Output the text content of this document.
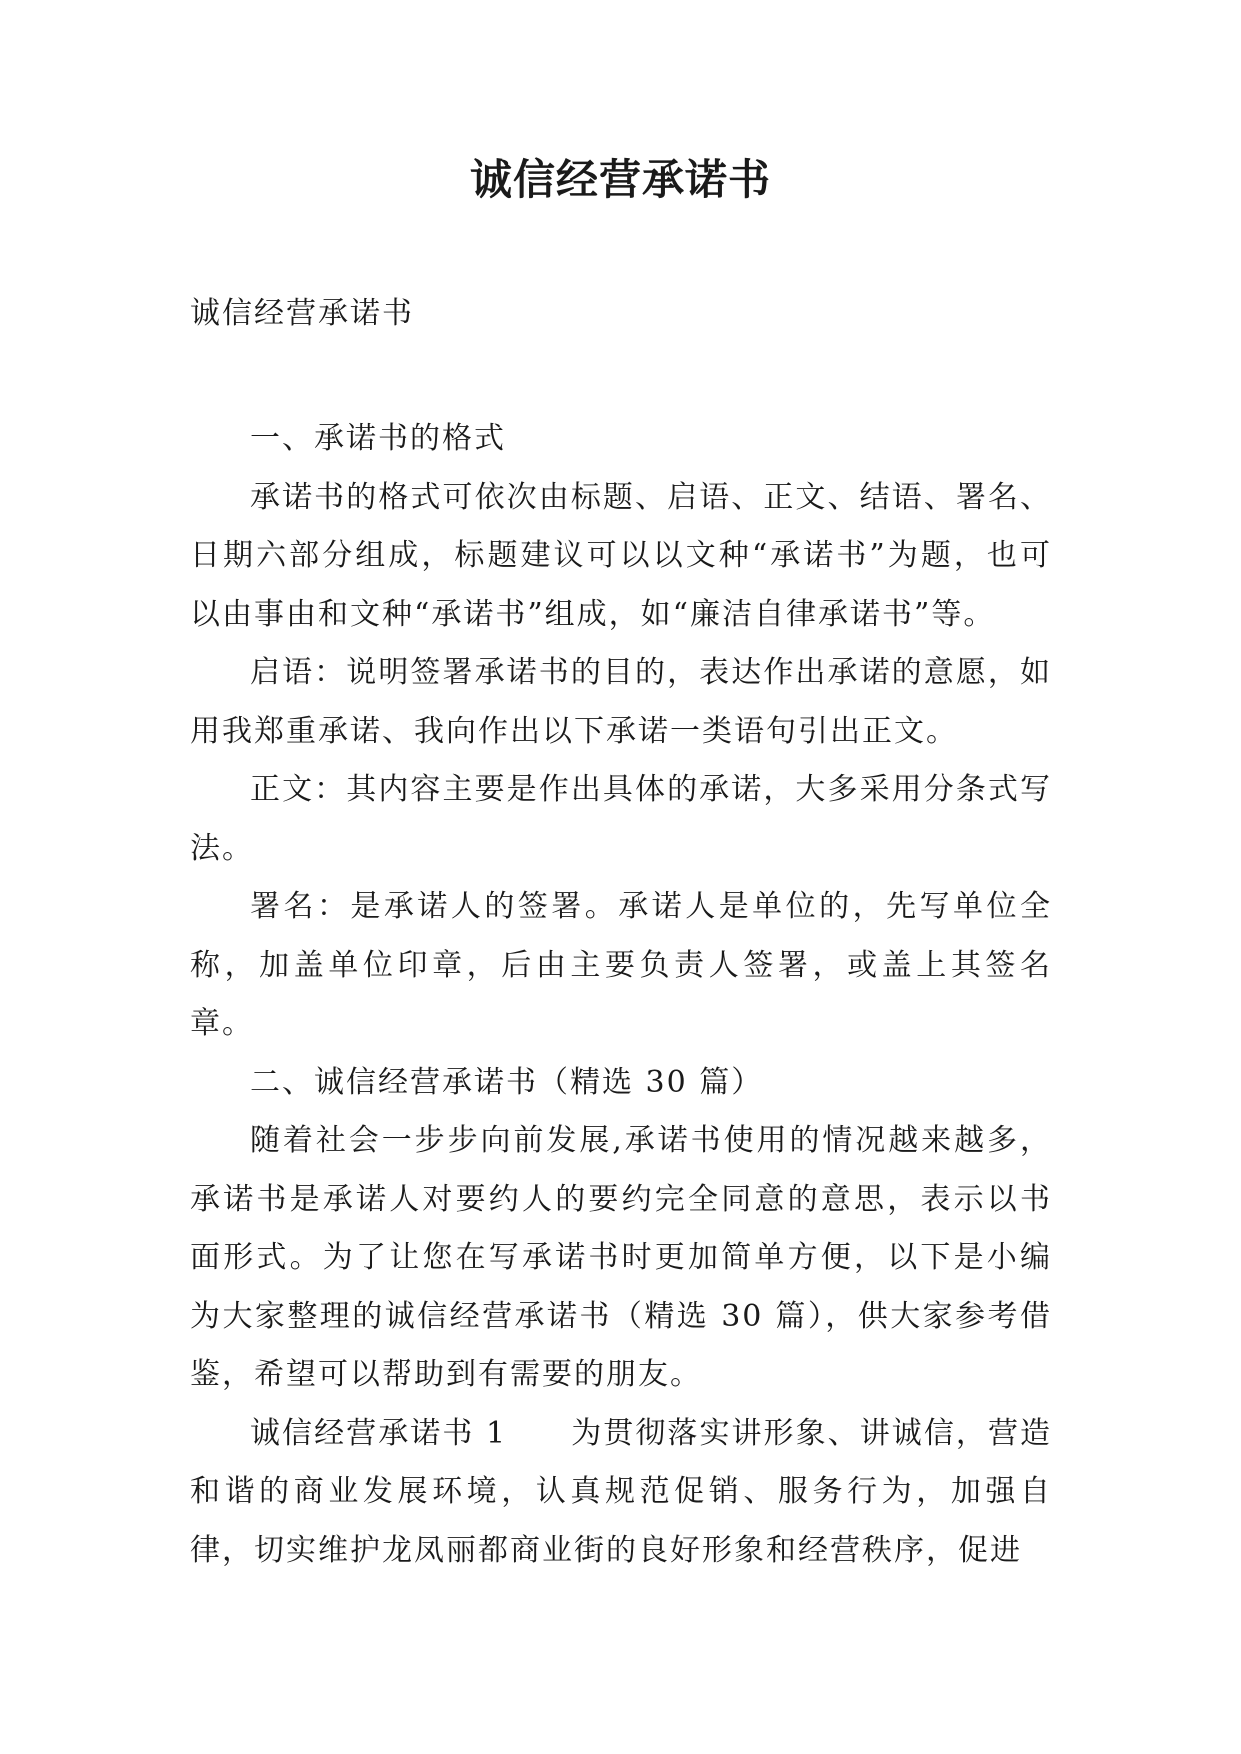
诚信经营承诺书
诚信经营承诺书

一、承诺书的格式

承诺书的格式可依次由标题、启语、正文、结语、署名、日期六部分组成，标题建议可以以文种“承诺书”为题，也可以由事由和文种“承诺书”组成，如“廉洁自律承诺书”等。

启语：说明签署承诺书的目的，表达作出承诺的意愿，如用我郑重承诺、我向作出以下承诺一类语句引出正文。

正文：其内容主要是作出具体的承诺，大多采用分条式写法。

署名：是承诺人的签署。承诺人是单位的，先写单位全称，加盖单位印章，后由主要负责人签署，或盖上其签名章。

二、诚信经营承诺书（精选 30 篇）

随着社会一步步向前发展,承诺书使用的情况越来越多，承诺书是承诺人对要约人的要约完全同意的意思，表示以书面形式。为了让您在写承诺书时更加简单方便，以下是小编为大家整理的诚信经营承诺书（精选 30 篇），供大家参考借鉴，希望可以帮助到有需要的朋友。

诚信经营承诺书 1　　为贯彻落实讲形象、讲诚信，营造和谐的商业发展环境，认真规范促销、服务行为，加强自律，切实维护龙凤丽都商业街的良好形象和经营秩序，促进
